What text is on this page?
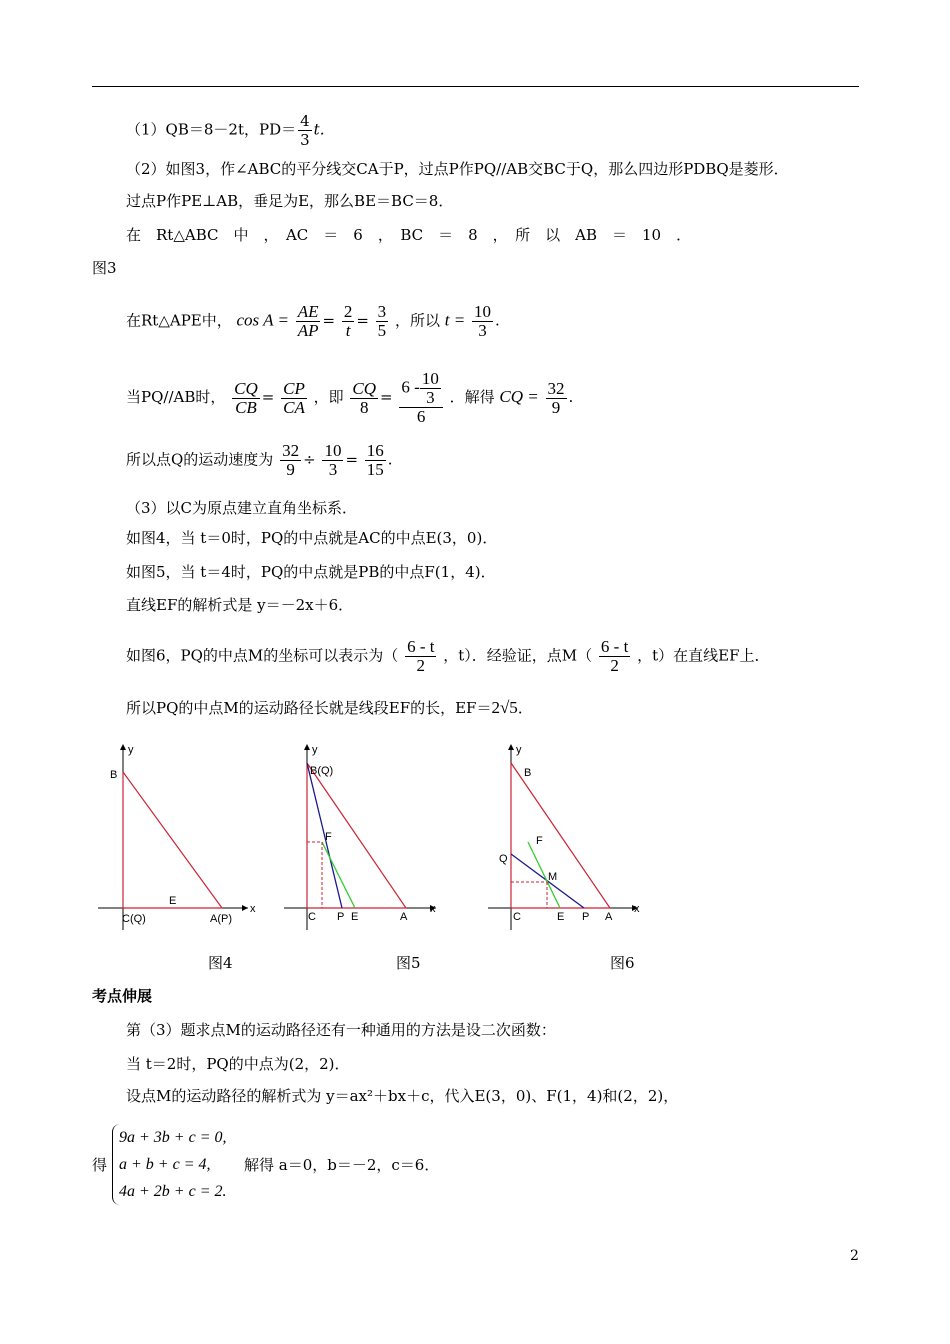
（1）QB＝8－2t，$PD= \frac{4}{3}$ t．
（2）如图3，作∠ABC的平分线交CA于P，过点P作PQ//AB交BC于Q，那么四边形PDBQ是菱形．
过点P作PE⊥AB，垂足为E，那么BE＝BC＝8．
在　Rt△ABC　中　，　AC　＝　6　，　BC　＝　8　，　所　以　AB　＝　10　．
图3
在Rt△APE中， $\cos A = \frac{AE}{AP} = \frac{2}{t} = \frac{3}{5}$ ，所以 $t = \frac{10}{3}$ .
当PQ//AB时， $\frac{CQ}{CB} = \frac{CP}{CA}$ ，即 $\frac{CQ}{8} = \frac{6 - \frac{10}{3}}{6}$ ．解得 CQ = $\frac{32}{9}$ .
所以点Q的运动速度为 $\frac{32}{9} \div \frac{10}{3} = \frac{16}{15}$ .
（3）以C为原点建立直角坐标系．
如图4，当 t＝0时，PQ的中点就是AC的中点E(3，0)．
如图5，当 t＝4时，PQ的中点就是PB的中点F(1，4)．
直线EF的解析式是 y＝－2x＋6．
如图6，PQ的中点M的坐标可以表示为（ $\frac{6 - t}{2}$ ，t）．经验证，点$M( \frac{6 - t}{2}$ ，t）在直线EF上．
所以PQ的中点M的运动路径长就是线段EF的长，EF＝2√5．
y
x
B
C(Q)
E
A(P)
图4
y
x
B(Q)
F
C P E	A
图5
y
x
B
F
Q
M
C	E P A
图6
考点伸展
第（3）题求点M的运动路径还有一种通用的方法是设二次函数：
当 t＝2时，PQ的中点为(2，2)．
设点M的运动路径的解析式为 y＝ax²＋bx＋c，代入E(3，0)、F(1，4)和(2，2)，
得
9a + 3b + c = 0,
a + b + c = 4,
4a + 2b + c = 2.
解得 a＝0，b＝－2，c＝6．
2
